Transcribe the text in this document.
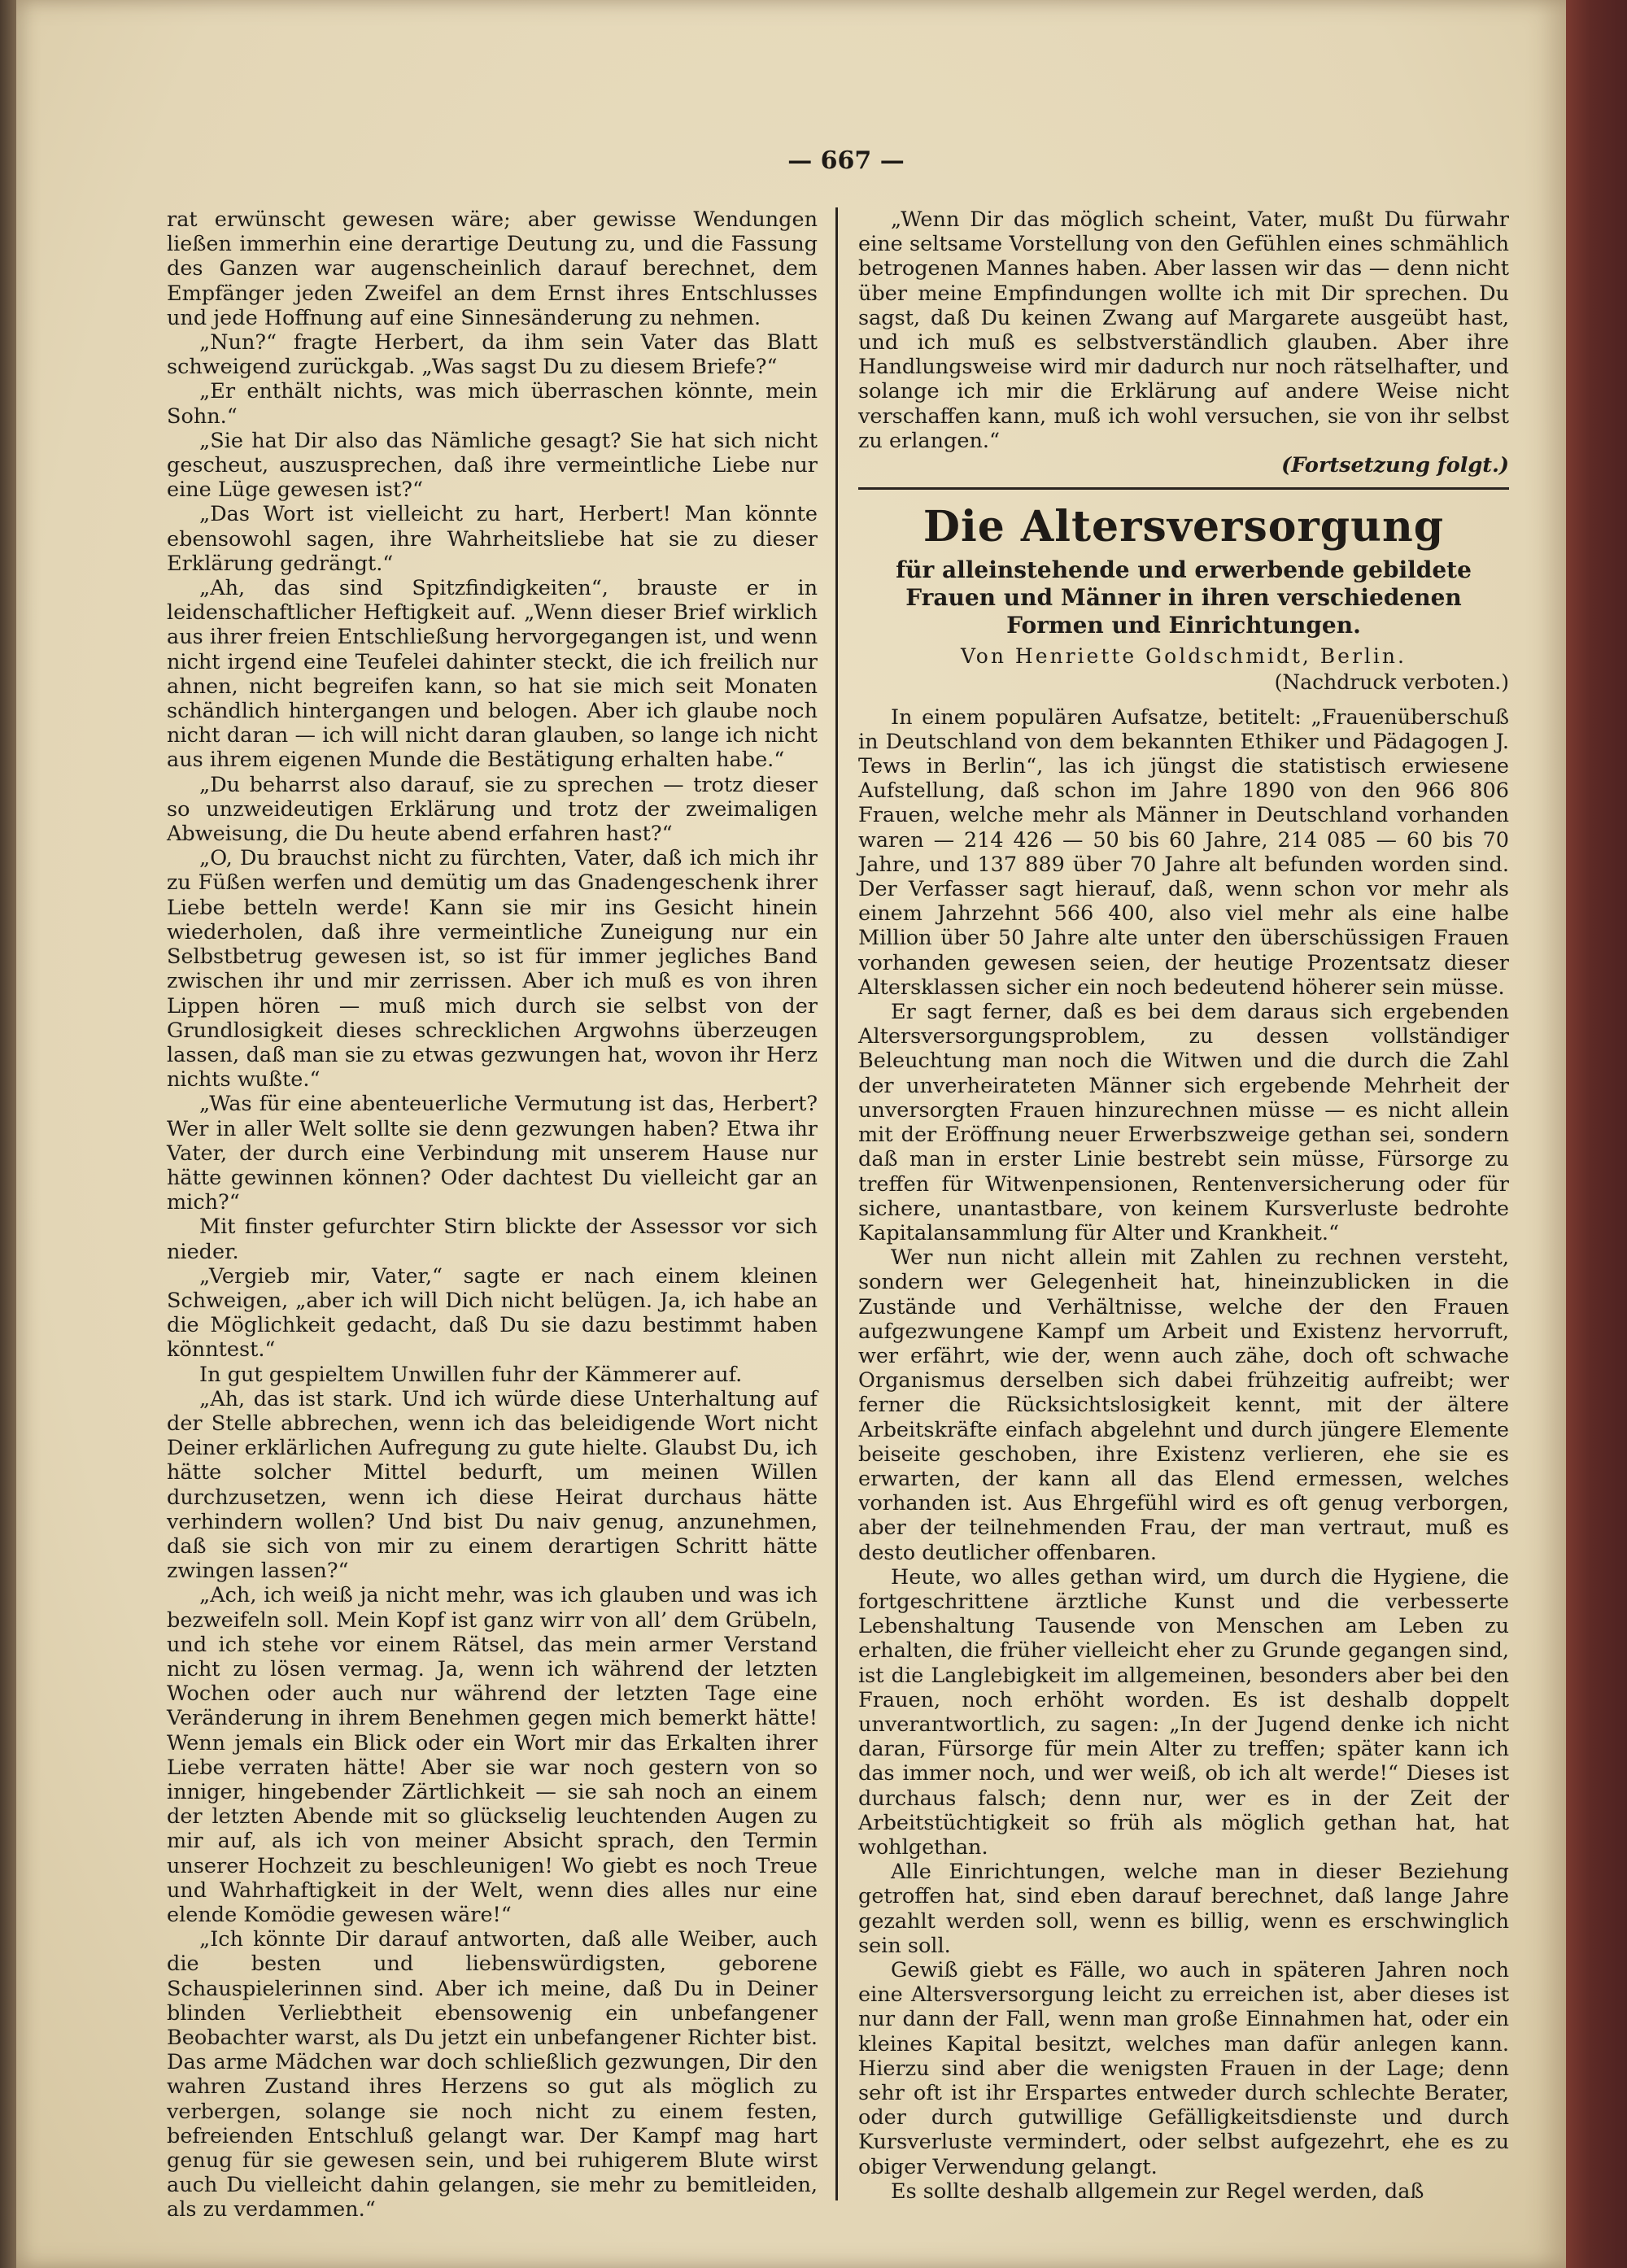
— 667 —

rat erwünscht gewesen wäre; aber gewisse Wendungen ließen immerhin eine derartige Deutung zu, und die Fassung des Ganzen war augenscheinlich darauf berechnet, dem Empfänger jeden Zweifel an dem Ernst ihres Entschlusses und jede Hoffnung auf eine Sinnesänderung zu nehmen.

„Nun?“ fragte Herbert, da ihm sein Vater das Blatt schweigend zurückgab. „Was sagst Du zu diesem Briefe?“

„Er enthält nichts, was mich überraschen könnte, mein Sohn.“

„Sie hat Dir also das Nämliche gesagt? Sie hat sich nicht gescheut, auszusprechen, daß ihre vermeintliche Liebe nur eine Lüge gewesen ist?“

„Das Wort ist vielleicht zu hart, Herbert! Man könnte ebensowohl sagen, ihre Wahrheitsliebe hat sie zu dieser Erklärung gedrängt.“

„Ah, das sind Spitzfindigkeiten“, brauste er in leidenschaftlicher Heftigkeit auf. „Wenn dieser Brief wirklich aus ihrer freien Entschließung hervorgegangen ist, und wenn nicht irgend eine Teufelei dahinter steckt, die ich freilich nur ahnen, nicht begreifen kann, so hat sie mich seit Monaten schändlich hintergangen und belogen. Aber ich glaube noch nicht daran — ich will nicht daran glauben, so lange ich nicht aus ihrem eigenen Munde die Bestätigung erhalten habe.“

„Du beharrst also darauf, sie zu sprechen — trotz dieser so unzweideutigen Erklärung und trotz der zweimaligen Abweisung, die Du heute abend erfahren hast?“

„O, Du brauchst nicht zu fürchten, Vater, daß ich mich ihr zu Füßen werfen und demütig um das Gnadengeschenk ihrer Liebe betteln werde! Kann sie mir ins Gesicht hinein wiederholen, daß ihre vermeintliche Zuneigung nur ein Selbstbetrug gewesen ist, so ist für immer jegliches Band zwischen ihr und mir zerrissen. Aber ich muß es von ihren Lippen hören — muß mich durch sie selbst von der Grundlosigkeit dieses schrecklichen Argwohns überzeugen lassen, daß man sie zu etwas gezwungen hat, wovon ihr Herz nichts wußte.“

„Was für eine abenteuerliche Vermutung ist das, Herbert? Wer in aller Welt sollte sie denn gezwungen haben? Etwa ihr Vater, der durch eine Verbindung mit unserem Hause nur hätte gewinnen können? Oder dachtest Du vielleicht gar an mich?“

Mit finster gefurchter Stirn blickte der Assessor vor sich nieder.

„Vergieb mir, Vater,“ sagte er nach einem kleinen Schweigen, „aber ich will Dich nicht belügen. Ja, ich habe an die Möglichkeit gedacht, daß Du sie dazu bestimmt haben könntest.“

In gut gespieltem Unwillen fuhr der Kämmerer auf.

„Ah, das ist stark. Und ich würde diese Unterhaltung auf der Stelle abbrechen, wenn ich das beleidigende Wort nicht Deiner erklärlichen Aufregung zu gute hielte. Glaubst Du, ich hätte solcher Mittel bedurft, um meinen Willen durchzusetzen, wenn ich diese Heirat durchaus hätte verhindern wollen? Und bist Du naiv genug, anzunehmen, daß sie sich von mir zu einem derartigen Schritt hätte zwingen lassen?“

„Ach, ich weiß ja nicht mehr, was ich glauben und was ich bezweifeln soll. Mein Kopf ist ganz wirr von all’ dem Grübeln, und ich stehe vor einem Rätsel, das mein armer Verstand nicht zu lösen vermag. Ja, wenn ich während der letzten Wochen oder auch nur während der letzten Tage eine Veränderung in ihrem Benehmen gegen mich bemerkt hätte! Wenn jemals ein Blick oder ein Wort mir das Erkalten ihrer Liebe verraten hätte! Aber sie war noch gestern von so inniger, hingebender Zärtlichkeit — sie sah noch an einem der letzten Abende mit so glückselig leuchtenden Augen zu mir auf, als ich von meiner Absicht sprach, den Termin unserer Hochzeit zu beschleunigen! Wo giebt es noch Treue und Wahrhaftigkeit in der Welt, wenn dies alles nur eine elende Komödie gewesen wäre!“

„Ich könnte Dir darauf antworten, daß alle Weiber, auch die besten und liebenswürdigsten, geborene Schauspielerinnen sind. Aber ich meine, daß Du in Deiner blinden Verliebtheit ebensowenig ein unbefangener Beobachter warst, als Du jetzt ein unbefangener Richter bist. Das arme Mädchen war doch schließlich gezwungen, Dir den wahren Zustand ihres Herzens so gut als möglich zu verbergen, solange sie noch nicht zu einem festen, befreienden Entschluß gelangt war. Der Kampf mag hart genug für sie gewesen sein, und bei ruhigerem Blute wirst auch Du vielleicht dahin gelangen, sie mehr zu bemitleiden, als zu verdammen.“

„Wenn Dir das möglich scheint, Vater, mußt Du fürwahr eine seltsame Vorstellung von den Gefühlen eines schmählich betrogenen Mannes haben. Aber lassen wir das — denn nicht über meine Empfindungen wollte ich mit Dir sprechen. Du sagst, daß Du keinen Zwang auf Margarete ausgeübt hast, und ich muß es selbstverständlich glauben. Aber ihre Handlungsweise wird mir dadurch nur noch rätselhafter, und solange ich mir die Erklärung auf andere Weise nicht verschaffen kann, muß ich wohl versuchen, sie von ihr selbst zu erlangen.“

(Fortsetzung folgt.)

Die Altersversorgung
für alleinstehende und erwerbende gebildete Frauen und Männer in ihren verschiedenen Formen und Einrichtungen.
Von Henriette Goldschmidt, Berlin.
(Nachdruck verboten.)

In einem populären Aufsatze, betitelt: „Frauenüberschuß in Deutschland von dem bekannten Ethiker und Pädagogen J. Tews in Berlin“, las ich jüngst die statistisch erwiesene Aufstellung, daß schon im Jahre 1890 von den 966 806 Frauen, welche mehr als Männer in Deutschland vorhanden waren — 214 426 — 50 bis 60 Jahre, 214 085 — 60 bis 70 Jahre, und 137 889 über 70 Jahre alt befunden worden sind. Der Verfasser sagt hierauf, daß, wenn schon vor mehr als einem Jahrzehnt 566 400, also viel mehr als eine halbe Million über 50 Jahre alte unter den überschüssigen Frauen vorhanden gewesen seien, der heutige Prozentsatz dieser Altersklassen sicher ein noch bedeutend höherer sein müsse.

Er sagt ferner, daß es bei dem daraus sich ergebenden Altersversorgungsproblem, zu dessen vollständiger Beleuchtung man noch die Witwen und die durch die Zahl der unverheirateten Männer sich ergebende Mehrheit der unversorgten Frauen hinzurechnen müsse — es nicht allein mit der Eröffnung neuer Erwerbszweige gethan sei, sondern daß man in erster Linie bestrebt sein müsse, Fürsorge zu treffen für Witwenpensionen, Rentenversicherung oder für sichere, unantastbare, von keinem Kursverluste bedrohte Kapitalansammlung für Alter und Krankheit.“

Wer nun nicht allein mit Zahlen zu rechnen versteht, sondern wer Gelegenheit hat, hineinzublicken in die Zustände und Verhältnisse, welche der den Frauen aufgezwungene Kampf um Arbeit und Existenz hervorruft, wer erfährt, wie der, wenn auch zähe, doch oft schwache Organismus derselben sich dabei frühzeitig aufreibt; wer ferner die Rücksichtslosigkeit kennt, mit der ältere Arbeitskräfte einfach abgelehnt und durch jüngere Elemente beiseite geschoben, ihre Existenz verlieren, ehe sie es erwarten, der kann all das Elend ermessen, welches vorhanden ist. Aus Ehrgefühl wird es oft genug verborgen, aber der teilnehmenden Frau, der man vertraut, muß es desto deutlicher offenbaren.

Heute, wo alles gethan wird, um durch die Hygiene, die fortgeschrittene ärztliche Kunst und die verbesserte Lebenshaltung Tausende von Menschen am Leben zu erhalten, die früher vielleicht eher zu Grunde gegangen sind, ist die Langlebigkeit im allgemeinen, besonders aber bei den Frauen, noch erhöht worden. Es ist deshalb doppelt unverantwortlich, zu sagen: „In der Jugend denke ich nicht daran, Fürsorge für mein Alter zu treffen; später kann ich das immer noch, und wer weiß, ob ich alt werde!“ Dieses ist durchaus falsch; denn nur, wer es in der Zeit der Arbeitstüchtigkeit so früh als möglich gethan hat, hat wohlgethan.

Alle Einrichtungen, welche man in dieser Beziehung getroffen hat, sind eben darauf berechnet, daß lange Jahre gezahlt werden soll, wenn es billig, wenn es erschwinglich sein soll.

Gewiß giebt es Fälle, wo auch in späteren Jahren noch eine Altersversorgung leicht zu erreichen ist, aber dieses ist nur dann der Fall, wenn man große Einnahmen hat, oder ein kleines Kapital besitzt, welches man dafür anlegen kann. Hierzu sind aber die wenigsten Frauen in der Lage; denn sehr oft ist ihr Erspartes entweder durch schlechte Berater, oder durch gutwillige Gefälligkeitsdienste und durch Kursverluste vermindert, oder selbst aufgezehrt, ehe es zu obiger Verwendung gelangt.

Es sollte deshalb allgemein zur Regel werden, daß
